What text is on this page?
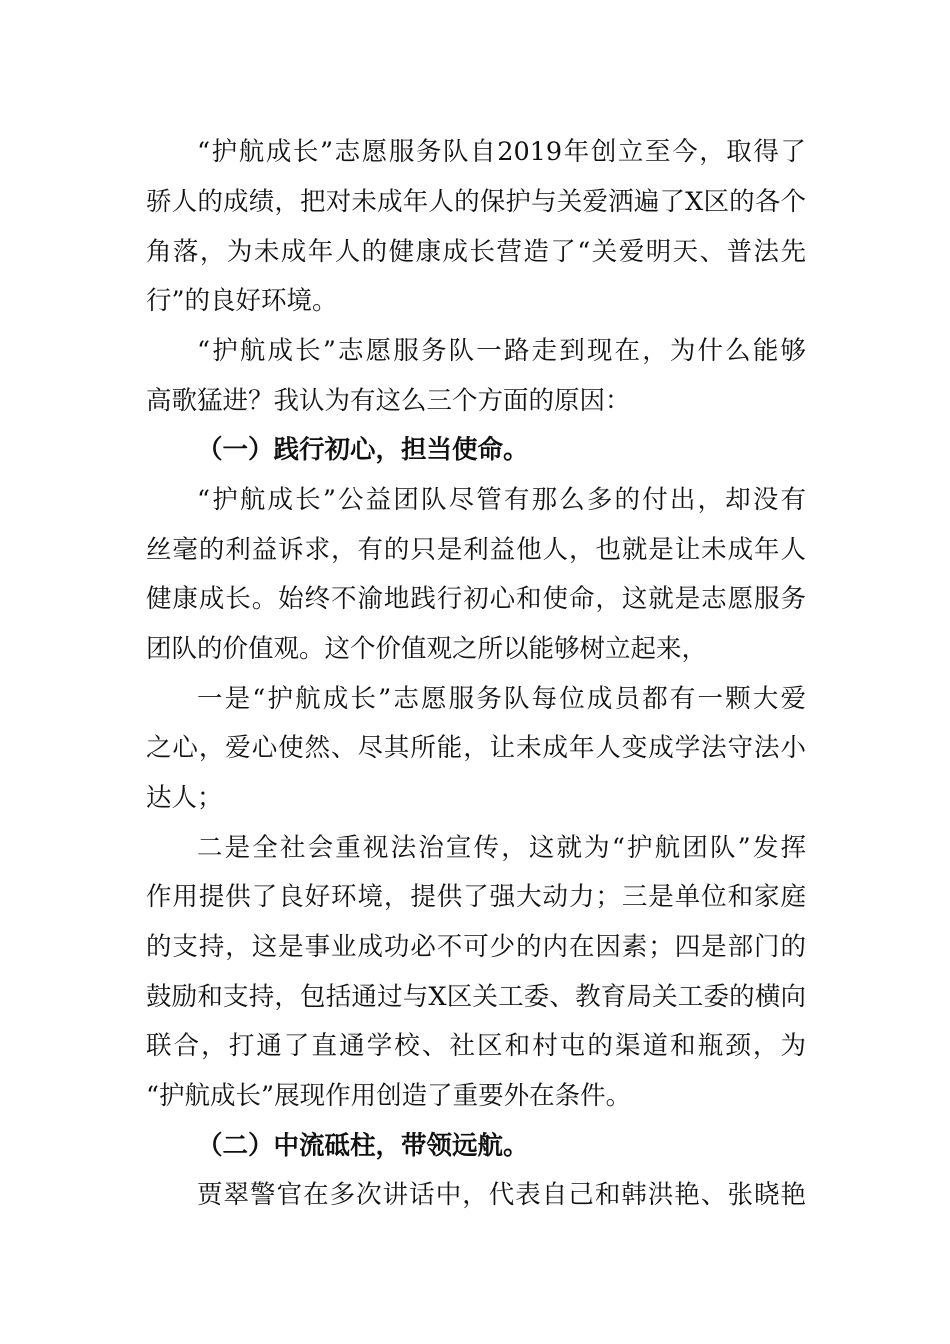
“护航成长”志愿服务队自2019年创立至今，取得了
骄人的成绩，把对未成年人的保护与关爱洒遍了X区的各个
角落，为未成年人的健康成长营造了“关爱明天、普法先
行”的良好环境。
“护航成长”志愿服务队一路走到现在，为什么能够
高歌猛进？我认为有这么三个方面的原因：
（一）践行初心，担当使命。
“护航成长”公益团队尽管有那么多的付出，却没有
丝毫的利益诉求，有的只是利益他人，也就是让未成年人
健康成长。始终不渝地践行初心和使命，这就是志愿服务
团队的价值观。这个价值观之所以能够树立起来，
一是“护航成长”志愿服务队每位成员都有一颗大爱
之心，爱心使然、尽其所能，让未成年人变成学法守法小
达人；
二是全社会重视法治宣传，这就为“护航团队”发挥
作用提供了良好环境，提供了强大动力；三是单位和家庭
的支持，这是事业成功必不可少的内在因素；四是部门的
鼓励和支持，包括通过与X区关工委、教育局关工委的横向
联合，打通了直通学校、社区和村屯的渠道和瓶颈，为
“护航成长”展现作用创造了重要外在条件。
（二）中流砥柱，带领远航。
贾翠警官在多次讲话中，代表自己和韩洪艳、张晓艳
